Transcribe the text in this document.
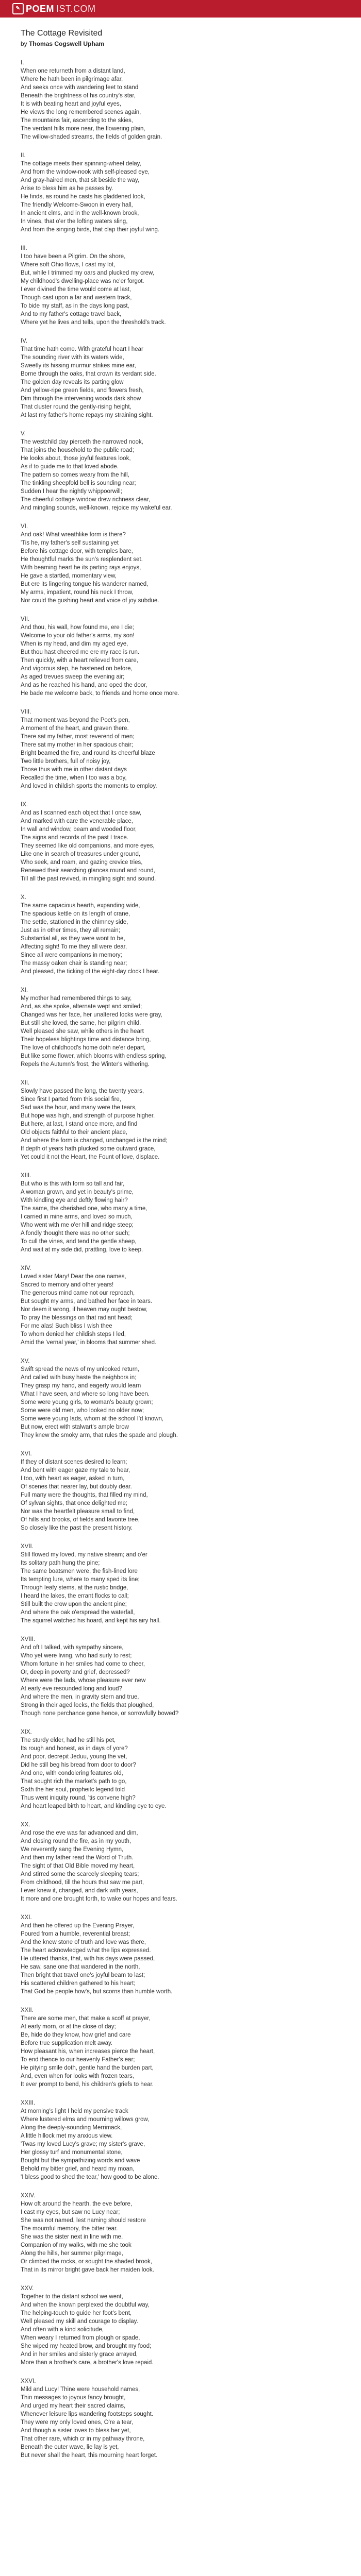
✎ POEM IST.COM
The Cottage Revisited

by Thomas Cogswell Upham

I.
When one returneth from a distant land,
Where he hath been in pilgrimage afar,
And seeks once with wandering feet to stand
Beneath the brightness of his country's star,
It is with beating heart and joyful eyes,
He views the long remembered scenes again,
The mountains fair, ascending to the skies,
The verdant hills more near, the flowering plain,
The willow-shaded streams, the fields of golden grain.
II.
The cottage meets their spinning-wheel delay,
And from the window-nook with self-pleased eye,
And gray-haired men, that sit beside the way,
Arise to bless him as he passes by.
He finds, as round he casts his gladdened look,
The friendly Welcome-Swoon in every hall,
In ancient elms, and in the well-known brook,
In vines, that o'er the lofting waters sling,
And from the singing birds, that clap their joyful wing.
III.
I too have been a Pilgrim. On the shore,
Where soft Ohio flows, I cast my lot,
But, while I trimmed my oars and plucked my crew,
My childhood's dwelling-place was ne'er forgot.
I ever divined the time would come at last,
Though cast upon a far and western track,
To bide my staff, as in the days long past,
And to my father's cottage travel back,
Where yet he lives and tells, upon the threshold's track.
IV.
That time hath come. With grateful heart I hear
The sounding river with its waters wide,
Sweetly its hissing murmur strikes mine ear,
Borne through the oaks, that crown its verdant side.
The golden day reveals its parting glow
And yellow-ripe green fields, and flowers fresh,
Dim through the intervening woods dark show
That cluster round the gently-rising height,
At last my father's home repays my straining sight.
V.
The westchild day pierceth the narrowed nook,
That joins the household to the public road;
He looks about, those joyful features look,
As if to guide me to that loved abode.
The pattern so comes weary from the hill,
The tinkling sheepfold bell is sounding near;
Sudden I hear the nightly whippoorwill;
The cheerful cottage window drew richness clear,
And mingling sounds, well-known, rejoice my wakeful ear.
VI.
And oak! What wreathlike form is there?
'Tis he, my father's self sustaining yet
Before his cottage door, with temples bare,
He thoughtful marks the sun's resplendent set.
With beaming heart he its parting rays enjoys,
He gave a startled, momentary view,
But ere its lingering tongue his wanderer named,
My arms, impatient, round his neck I throw,
Nor could the gushing heart and voice of joy subdue.
VII.
And thou, his wall, how found me, ere I die;
Welcome to your old father's arms, my son!
When is my head, and dim my aged eye,
But thou hast cheered me ere my race is run.
Then quickly, with a heart relieved from care,
And vigorous step, he hastened on before,
As aged trevues sweep the evening air;
And as he reached his hand, and oped the door,
He bade me welcome back, to friends and home once more.
VIII.
That moment was beyond the Poet's pen,
A moment of the heart, and graven there.
There sat my father, most reverend of men;
There sat my mother in her spacious chair;
Bright beamed the fire, and round its cheerful blaze
Two little brothers, full of noisy joy,
Those thus with me in other distant days
Recalled the time, when I too was a boy,
And loved in childish sports the moments to employ.
IX.
And as I scanned each object that I once saw,
And marked with care the venerable place,
In wall and window, beam and wooded floor,
The signs and records of the past I trace.
They seemed like old companions, and more eyes,
Like one in search of treasures under ground,
Who seek, and roam, and gazing crevice tries,
Renewed their searching glances round and round,
Till all the past revived, in mingling sight and sound.
X.
The same capacious hearth, expanding wide,
The spacious kettle on its length of crane,
The settle, stationed in the chimney side,
Just as in other times, they all remain;
Substantial all, as they were wont to be,
Affecting sight! To me they all were dear,
Since all were companions in memory;
The massy oaken chair is standing near;
And pleased, the ticking of the eight-day clock I hear.
XI.
My mother had remembered things to say,
And, as she spoke, alternate wept and smiled;
Changed was her face, her unaltered locks were gray,
But still she loved, the same, her pilgrim child.
Well pleased she saw, while others in the heart
Their hopeless blightings time and distance bring,
The love of childhood's home doth ne'er depart,
But like some flower, which blooms with endless spring,
Repels the Autumn's frost, the Winter's withering.
XII.
Slowly have passed the long, the twenty years,
Since first I parted from this social fire,
Sad was the hour, and many were the tears,
But hope was high, and strength of purpose higher.
But here, at last, I stand once more, and find
Old objects faithful to their ancient place,
And where the form is changed, unchanged is the mind;
If depth of years hath plucked some outward grace,
Yet could it not the Heart, the Fount of love, displace.
XIII.
But who is this with form so tall and fair,
A woman grown, and yet in beauty's prime,
With kindling eye and deftly flowing hair?
The same, the cherished one, who many a time,
I carried in mine arms, and loved so much,
Who went with me o'er hill and ridge steep;
A fondly thought there was no other such;
To cull the vines, and tend the gentle sheep,
And wait at my side did, prattling, love to keep.
XIV.
Loved sister Mary! Dear the one names,
Sacred to memory and other years!
The generous mind came not our reproach,
But sought my arms, and bathed her face in tears.
Nor deem it wrong, if heaven may ought bestow,
To pray the blessings on that radiant head;
For me alas! Such bliss I wish thee
To whom denied her childish steps I led,
Amid the 'vernal year,' in blooms that summer shed.
XV.
Swift spread the news of my unlooked return,
And called with busy haste the neighbors in;
They grasp my hand, and eagerly would learn
What I have seen, and where so long have been.
Some were young girls, to woman's beauty grown;
Some were old men, who looked no older now;
Some were young lads, whom at the school I'd known,
But now, erect with stalwart's ample brow
They knew the smoky arm, that rules the spade and plough.
XVI.
If they of distant scenes desired to learn;
And bent with eager gaze my tale to hear,
I too, with heart as eager, asked in turn,
Of scenes that nearer lay, but doubly dear.
Full many were the thoughts, that filled my mind,
Of sylvan sights, that once delighted me;
Nor was the heartfelt pleasure small to find,
Of hills and brooks, of fields and favorite tree,
So closely like the past the present history.
XVII.
Still flowed my loved, my native stream; and o'er
Its solitary path hung the pine;
The same boatsmen were, the fish-lined lore
Its tempting lure, where to many sped its line;
Through leafy stems, at the rustic bridge,
I heard the lakes, the errant flocks to call;
Still built the crow upon the ancient pine;
And where the oak o'erspread the waterfall,
The squirrel watched his hoard, and kept his airy hall.
XVIII.
And oft I talked, with sympathy sincere,
Who yet were living, who had surly to rest;
Whom fortune in her smiles had come to cheer,
Or, deep in poverty and grief, depressed?
Where were the lads, whose pleasure ever new
At early eve resounded long and loud?
And where the men, in gravity stern and true,
Strong in their aged locks, the fields that ploughed,
Though none perchance gone hence, or sorrowfully bowed?
XIX.
The sturdy elder, had he still his pet,
Its rough and honest, as in days of yore?
And poor, decrepit Jeduu, young the vet,
Did he still beg his bread from door to door?
And one, with condolering features old,
That sought rich the market's path to go,
Sixth the her soul, propheitc legend told
Thus went iniquity round, 'tis convene high?
And heart leaped birth to heart, and kindling eye to eye.
XX.
And rose the eve was far advanced and dim,
And closing round the fire, as in my youth,
We reverently sang the Evening Hymn,
And then my father read the Word of Truth.
The sight of that Old Bible moved my heart,
And stirred some the scarcely sleeping tears;
From childhood, till the hours that saw me part,
I ever knew it, changed, and dark with years,
It more and one brought forth, to wake our hopes and fears.
XXI.
And then he offered up the Evening Prayer,
Poured from a humble, reverential breast;
And the knew stone of truth and love was there,
The heart acknowledged what the lips expressed.
He uttered thanks, that, with his days were passed,
He saw, sane one that wandered in the north,
Then bright that travel one's joyful beam to last;
His scattered children gathered to his heart;
That God be people how's, but scorns than humble worth.
XXII.
There are some men, that make a scoff at prayer,
At early morn, or at the close of day;
Be, hide do they know, how grief and care
Before true supplication melt away.
How pleasant his, when increases pierce the heart,
To end thence to our heavenly Father's ear;
He pitying smile doth, gentle hand the burden part,
And, even when for looks with frozen tears,
It ever prompt to bend, his children's griefs to hear.
XXIII.
At morning's light I held my pensive track
Where lustered elms and mourning willows grow,
Along the deeply-sounding Merrimack,
A little hillock met my anxious view.
'Twas my loved Lucy's grave; my sister's grave,
Her glossy turf and monumental stone,
Bought but the sympathizing words and wave
Behold my bitter grief, and heard my moan,
'I bless good to shed the tear,' how good to be alone.
XXIV.
How oft around the hearth, the eve before,
I cast my eyes, but saw no Lucy near;
She was not named, lest naming should restore
The mournful memory, the bitter tear.
She was the sister next in line with me,
Companion of my walks, with me she took
Along the hills, her summer pilgrimage,
Or climbed the rocks, or sought the shaded brook,
That in its mirror bright gave back her maiden look.
XXV.
Together to the distant school we went,
And when the known perplexed the doubtful way,
The helping-touch to guide her foot's bent,
Well pleased my skill and courage to display.
And often with a kind solicitude,
When weary I returned from plough or spade,
She wiped my heated brow, and brought my food;
And in her smiles and sisterly grace arrayed,
More than a brother's care, a brother's love repaid.
XXVI.
Mild and Lucy! Thine were household names,
Thin messages to joyous fancy brought,
And urged my heart their sacred claims,
Whenever leisure lips wandering footsteps sought.
They were my only loved ones, O're a tear,
And though a sister loves to bless her yet,
That other rare, which cr in my pathway throne,
Beneath the outer wave, lie lay is yet,
But never shall the heart, this mourning heart forget.
